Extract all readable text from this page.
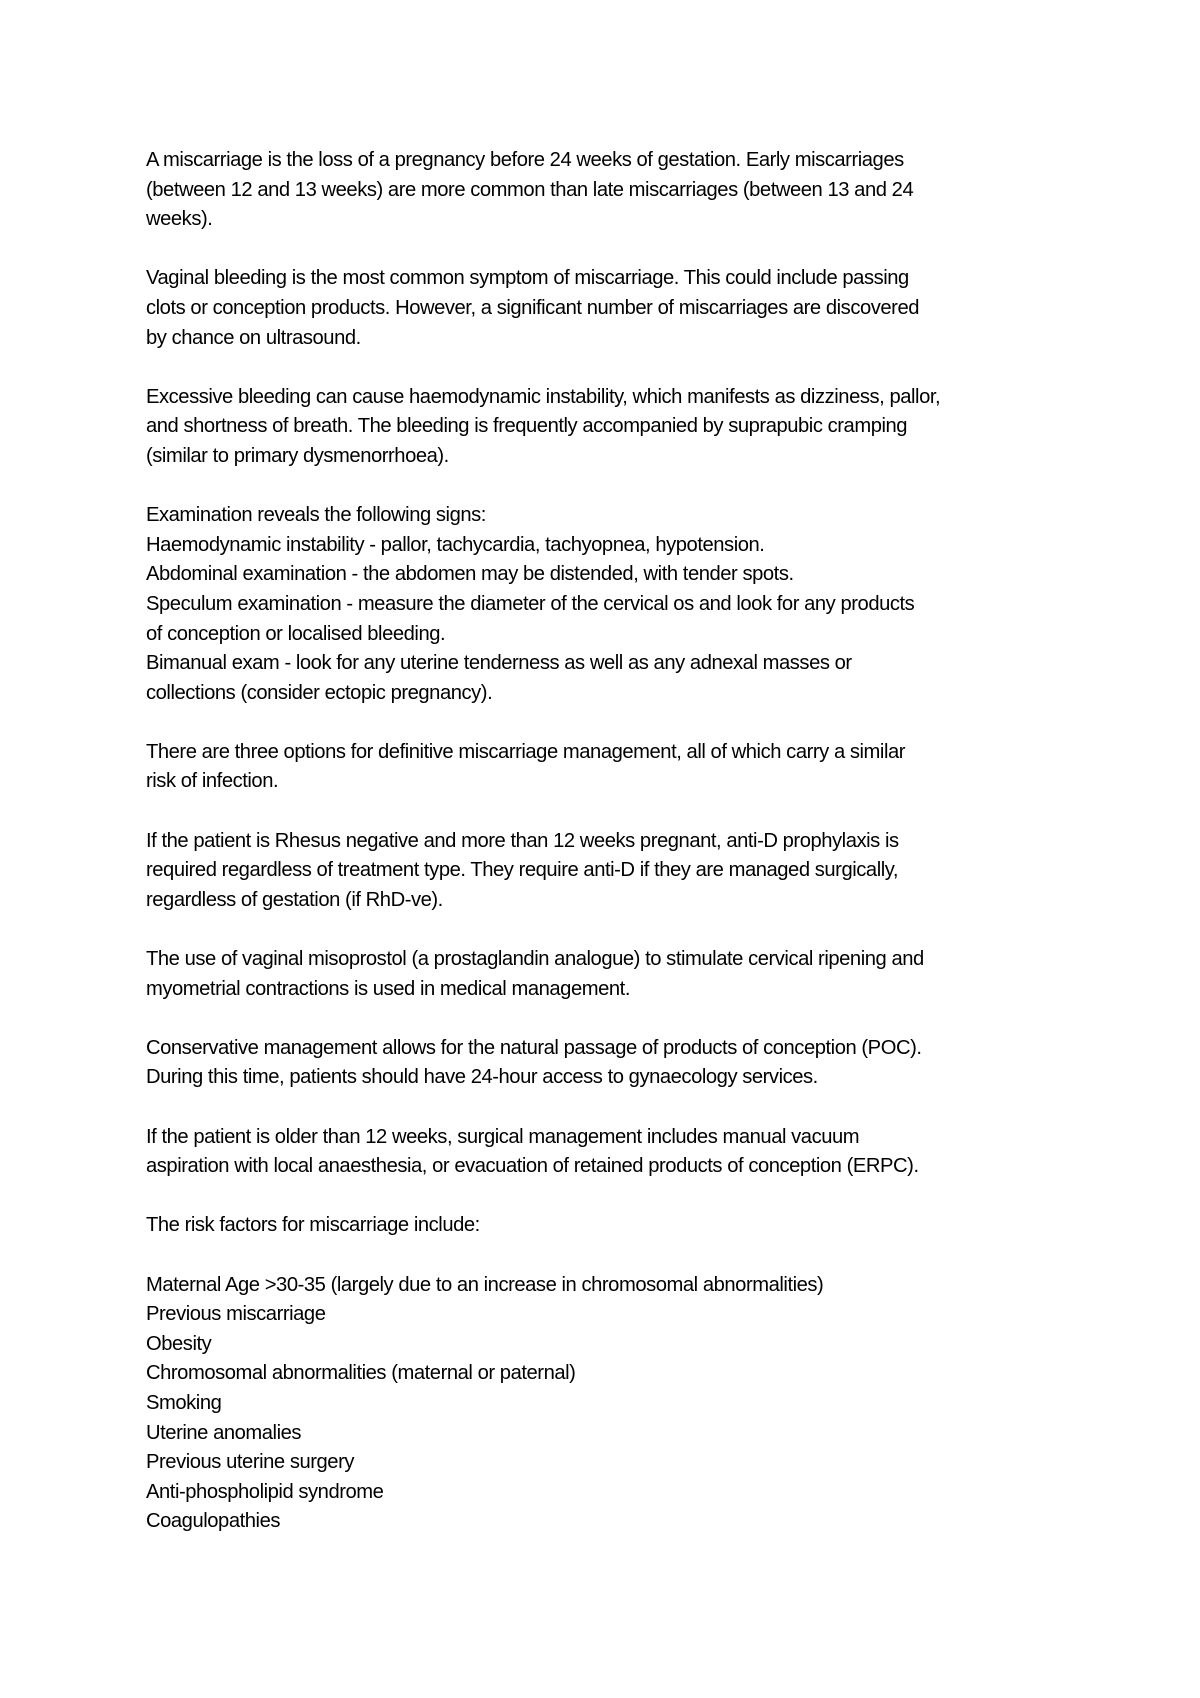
A miscarriage is the loss of a pregnancy before 24 weeks of gestation. Early miscarriages
(between 12 and 13 weeks) are more common than late miscarriages (between 13 and 24
weeks).
Vaginal bleeding is the most common symptom of miscarriage. This could include passing
clots or conception products. However, a significant number of miscarriages are discovered
by chance on ultrasound.
Excessive bleeding can cause haemodynamic instability, which manifests as dizziness, pallor,
and shortness of breath. The bleeding is frequently accompanied by suprapubic cramping
(similar to primary dysmenorrhoea).
Examination reveals the following signs:
Haemodynamic instability - pallor, tachycardia, tachyopnea, hypotension.
Abdominal examination - the abdomen may be distended, with tender spots.
Speculum examination - measure the diameter of the cervical os and look for any products
of conception or localised bleeding.
Bimanual exam - look for any uterine tenderness as well as any adnexal masses or
collections (consider ectopic pregnancy).
There are three options for definitive miscarriage management, all of which carry a similar
risk of infection.
If the patient is Rhesus negative and more than 12 weeks pregnant, anti-D prophylaxis is
required regardless of treatment type. They require anti-D if they are managed surgically,
regardless of gestation (if RhD-ve).
The use of vaginal misoprostol (a prostaglandin analogue) to stimulate cervical ripening and
myometrial contractions is used in medical management.
Conservative management allows for the natural passage of products of conception (POC).
During this time, patients should have 24-hour access to gynaecology services.
If the patient is older than 12 weeks, surgical management includes manual vacuum
aspiration with local anaesthesia, or evacuation of retained products of conception (ERPC).
The risk factors for miscarriage include:
Maternal Age >30-35 (largely due to an increase in chromosomal abnormalities)
Previous miscarriage
Obesity
Chromosomal abnormalities (maternal or paternal)
Smoking
Uterine anomalies
Previous uterine surgery
Anti-phospholipid syndrome
Coagulopathies
